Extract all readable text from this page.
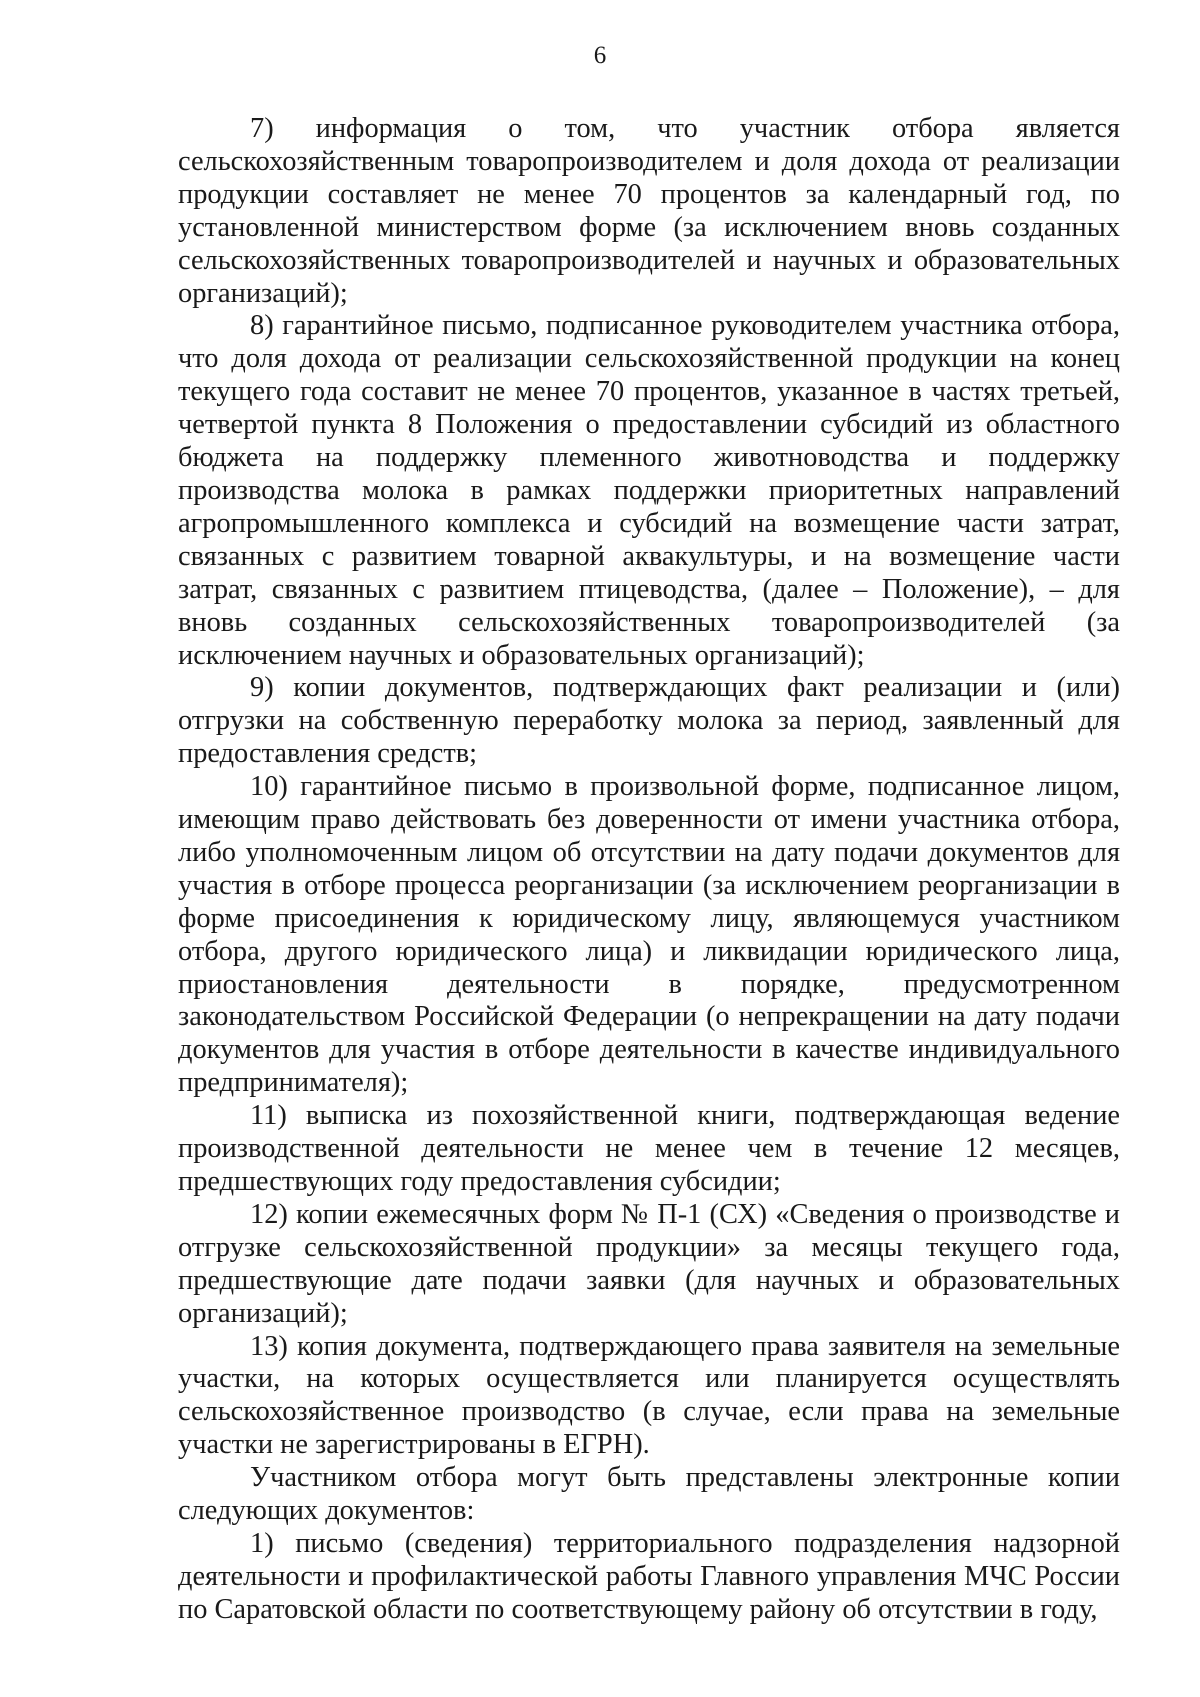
6

7) информация о том, что участник отбора является сельскохозяйственным товаропроизводителем и доля дохода от реализации продукции составляет не менее 70 процентов за календарный год, по установленной министерством форме (за исключением вновь созданных сельскохозяйственных товаропроизводителей и научных и образовательных организаций);

8) гарантийное письмо, подписанное руководителем участника отбора, что доля дохода от реализации сельскохозяйственной продукции на конец текущего года составит не менее 70 процентов, указанное в частях третьей, четвертой пункта 8 Положения о предоставлении субсидий из областного бюджета на поддержку племенного животноводства и поддержку производства молока в рамках поддержки приоритетных направлений агропромышленного комплекса и субсидий на возмещение части затрат, связанных с развитием товарной аквакультуры, и на возмещение части затрат, связанных с развитием птицеводства, (далее – Положение), – для вновь созданных сельскохозяйственных товаропроизводителей (за исключением научных и образовательных организаций);

9) копии документов, подтверждающих факт реализации и (или) отгрузки на собственную переработку молока за период, заявленный для предоставления средств;

10) гарантийное письмо в произвольной форме, подписанное лицом, имеющим право действовать без доверенности от имени участника отбора, либо уполномоченным лицом об отсутствии на дату подачи документов для участия в отборе процесса реорганизации (за исключением реорганизации в форме присоединения к юридическому лицу, являющемуся участником отбора, другого юридического лица) и ликвидации юридического лица, приостановления деятельности в порядке, предусмотренном законодательством Российской Федерации (о непрекращении на дату подачи документов для участия в отборе деятельности в качестве индивидуального предпринимателя);

11) выписка из похозяйственной книги, подтверждающая ведение производственной деятельности не менее чем в течение 12 месяцев, предшествующих году предоставления субсидии;

12) копии ежемесячных форм № П-1 (СХ) «Сведения о производстве и отгрузке сельскохозяйственной продукции» за месяцы текущего года, предшествующие дате подачи заявки (для научных и образовательных организаций);

13) копия документа, подтверждающего права заявителя на земельные участки, на которых осуществляется или планируется осуществлять сельскохозяйственное производство (в случае, если права на земельные участки не зарегистрированы в ЕГРН).

Участником отбора могут быть представлены электронные копии следующих документов:

1) письмо (сведения) территориального подразделения надзорной деятельности и профилактической работы Главного управления МЧС России по Саратовской области по соответствующему району об отсутствии в году,
